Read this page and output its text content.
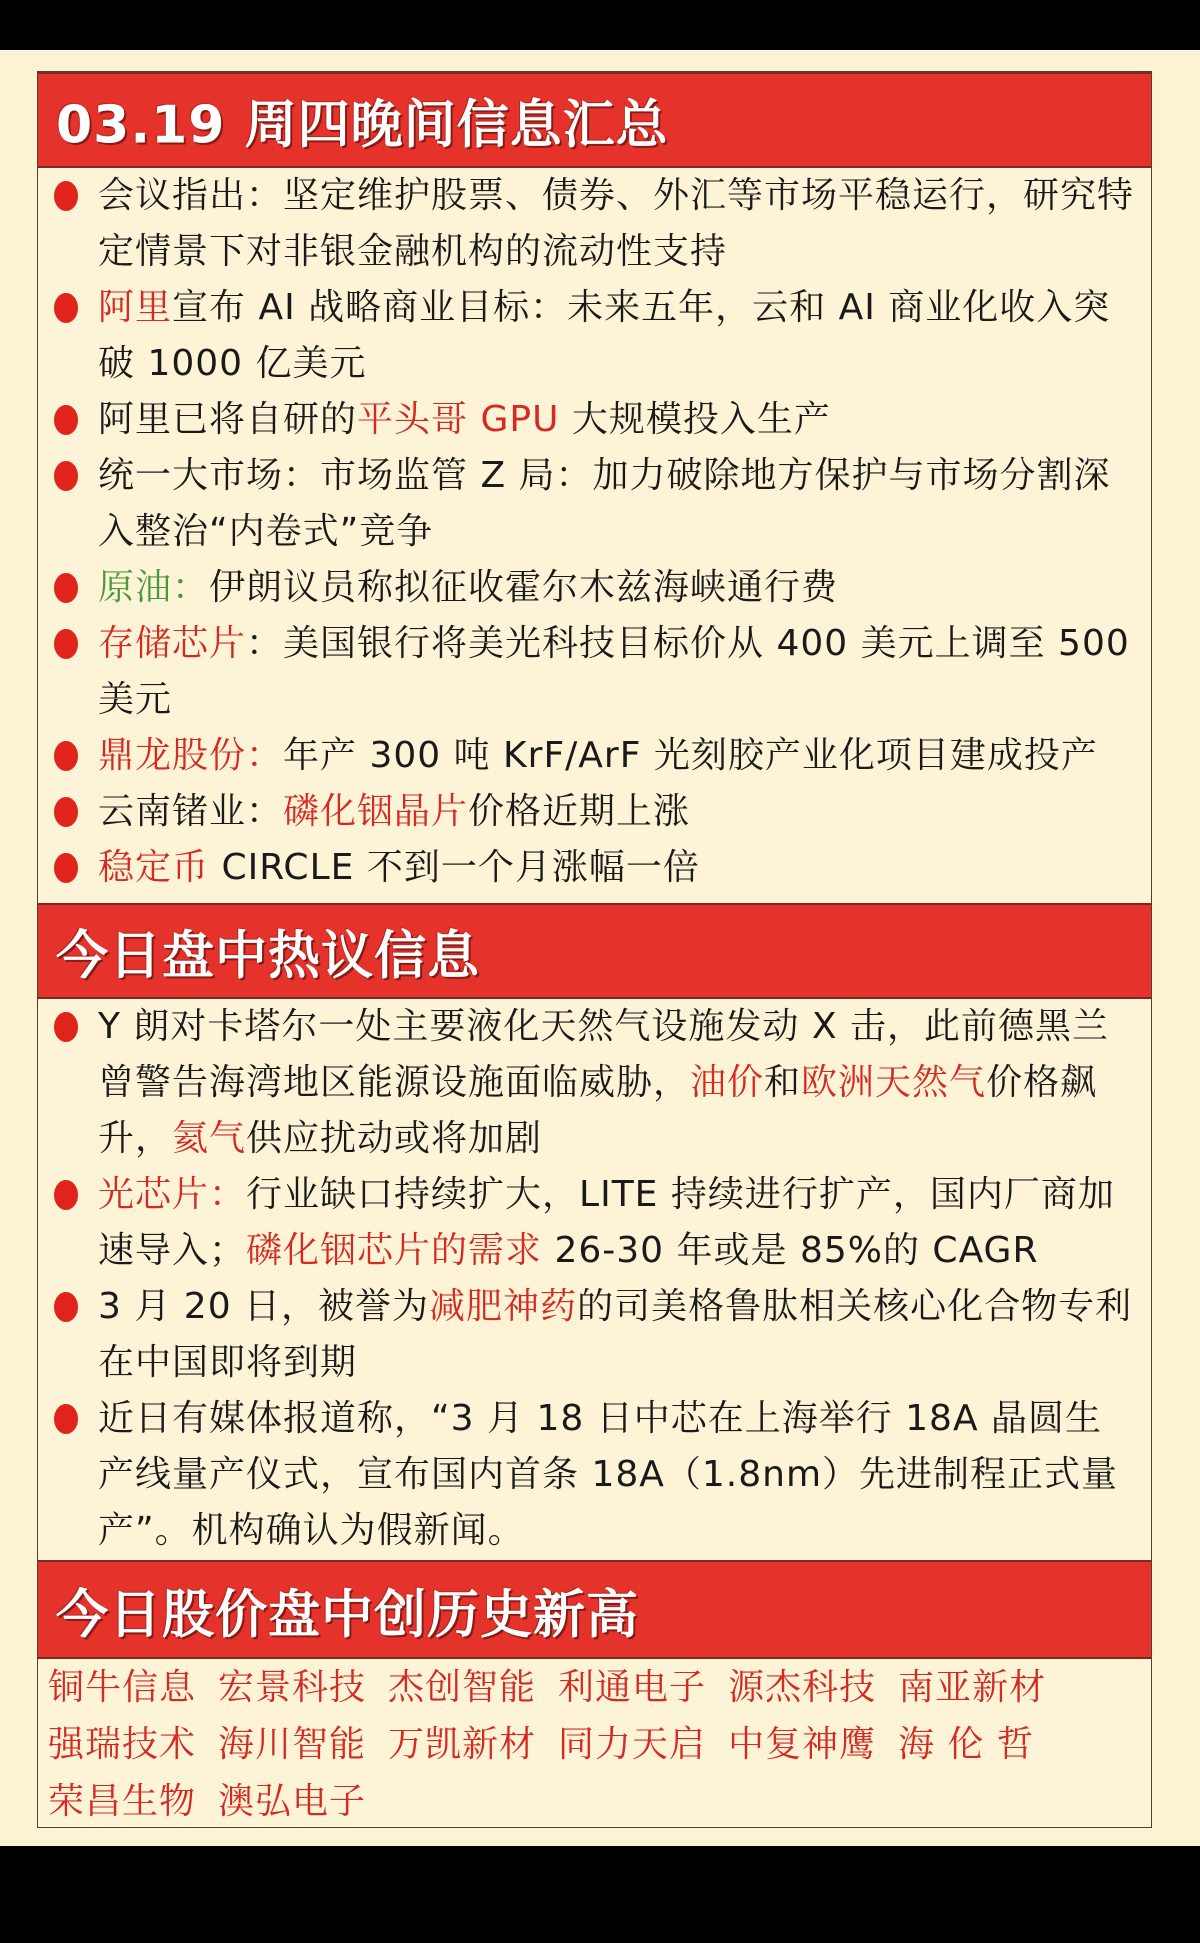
03.19 周四晚间信息汇总
会议指出：坚定维护股票、债券、外汇等市场平稳运行，研究特定情景下对非银金融机构的流动性支持
阿里宣布 AI 战略商业目标：未来五年，云和 AI 商业化收入突破 1000 亿美元
阿里已将自研的平头哥 GPU 大规模投入生产
统一大市场：市场监管 Z 局：加力破除地方保护与市场分割深入整治“内卷式”竞争
原油：伊朗议员称拟征收霍尔木兹海峡通行费
存储芯片：美国银行将美光科技目标价从 400 美元上调至 500 美元
鼎龙股份：年产 300 吨 KrF/ArF 光刻胶产业化项目建成投产
云南锗业：磷化铟晶片价格近期上涨
稳定币 CIRCLE 不到一个月涨幅一倍
今日盘中热议信息
Y 朗对卡塔尔一处主要液化天然气设施发动 X 击，此前德黑兰曾警告海湾地区能源设施面临威胁，油价和欧洲天然气价格飙升，氦气供应扰动或将加剧
光芯片：行业缺口持续扩大，LITE 持续进行扩产，国内厂商加速导入；磷化铟芯片的需求 26-30 年或是 85%的 CAGR
3 月 20 日，被誉为减肥神药的司美格鲁肽相关核心化合物专利在中国即将到期
近日有媒体报道称，“3 月 18 日中芯在上海举行 18A 晶圆生产线量产仪式，宣布国内首条 18A（1.8nm）先进制程正式量产”。机构确认为假新闻。
今日股价盘中创历史新高
铜牛信息 宏景科技 杰创智能 利通电子 源杰科技 南亚新材强瑞技术 海川智能 万凯新材 同力天启 中复神鹰 海 伦 哲荣昌生物 澳弘电子
